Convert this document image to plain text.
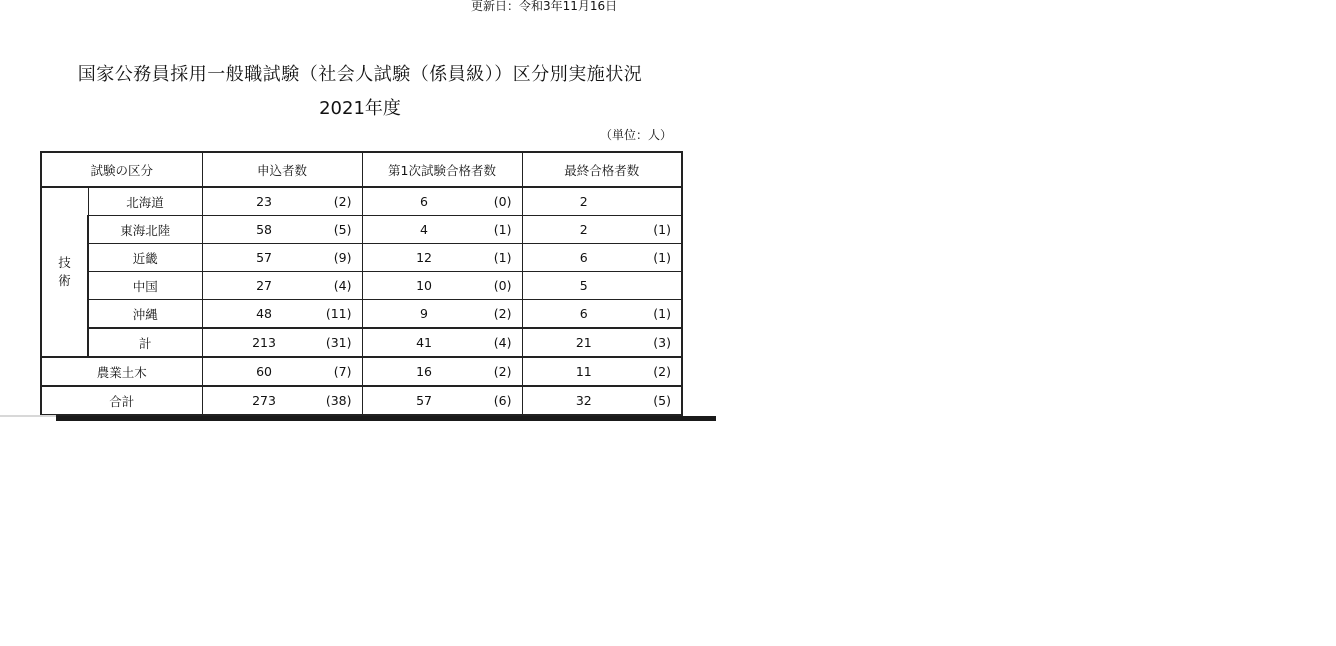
更新日：令和3年11月16日
国家公務員採用一般職試験（社会人試験（係員級））区分別実施状況
2021年度
（単位：人）
試験の区分		申込者数	第1次試験合格者数	最終合格者数

技
術	北海道	23 (2)	6 (0)	2

	東海北陸	58 (5)	4 (1)	2 (1)

	近畿	57 (9)	12 (1)	6 (1)

	中国	27 (4)	10 (0)	5

	沖縄	48 (11)	9 (2)	6 (1)

	計	213 (31)	41 (4)	21 (3)

農業土木		60 (7)	16 (2)	11 (2)

合計		273 (38)	57 (6)	32 (5)
